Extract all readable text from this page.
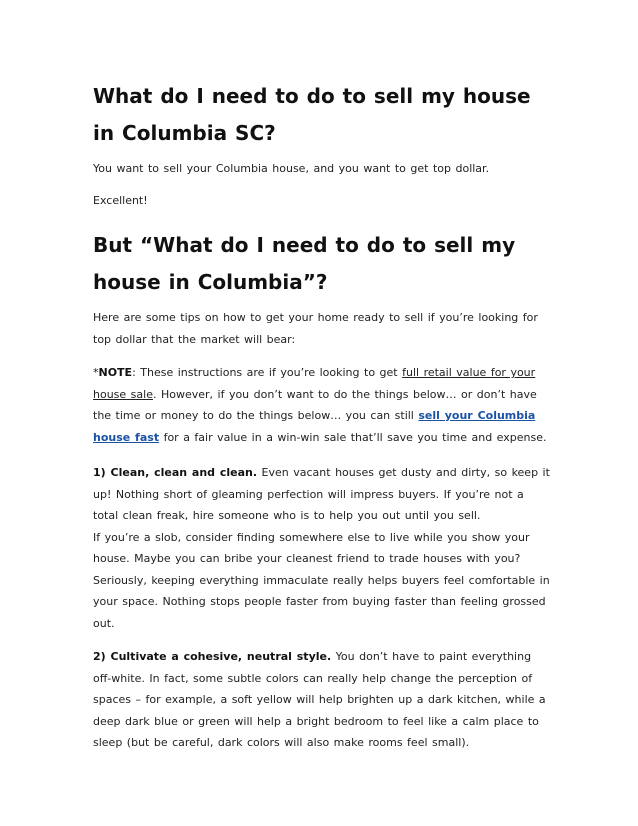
What do I need to do to sell my house in Columbia SC?

You want to sell your Columbia house, and you want to get top dollar.

Excellent!

But “What do I need to do to sell my house in Columbia”?

Here are some tips on how to get your home ready to sell if you’re looking for top dollar that the market will bear:

*NOTE: These instructions are if you’re looking to get full retail value for your house sale. However, if you don’t want to do the things below… or don’t have the time or money to do the things below… you can still sell your Columbia house fast for a fair value in a win-win sale that’ll save you time and expense.

1) Clean, clean and clean. Even vacant houses get dusty and dirty, so keep it up! Nothing short of gleaming perfection will impress buyers. If you’re not a total clean freak, hire someone who is to help you out until you sell.

If you’re a slob, consider finding somewhere else to live while you show your house. Maybe you can bribe your cleanest friend to trade houses with you? Seriously, keeping everything immaculate really helps buyers feel comfortable in your space. Nothing stops people faster from buying faster than feeling grossed out.

2) Cultivate a cohesive, neutral style. You don’t have to paint everything off-white. In fact, some subtle colors can really help change the perception of spaces – for example, a soft yellow will help brighten up a dark kitchen, while a deep dark blue or green will help a bright bedroom to feel like a calm place to sleep (but be careful, dark colors will also make rooms feel small).
